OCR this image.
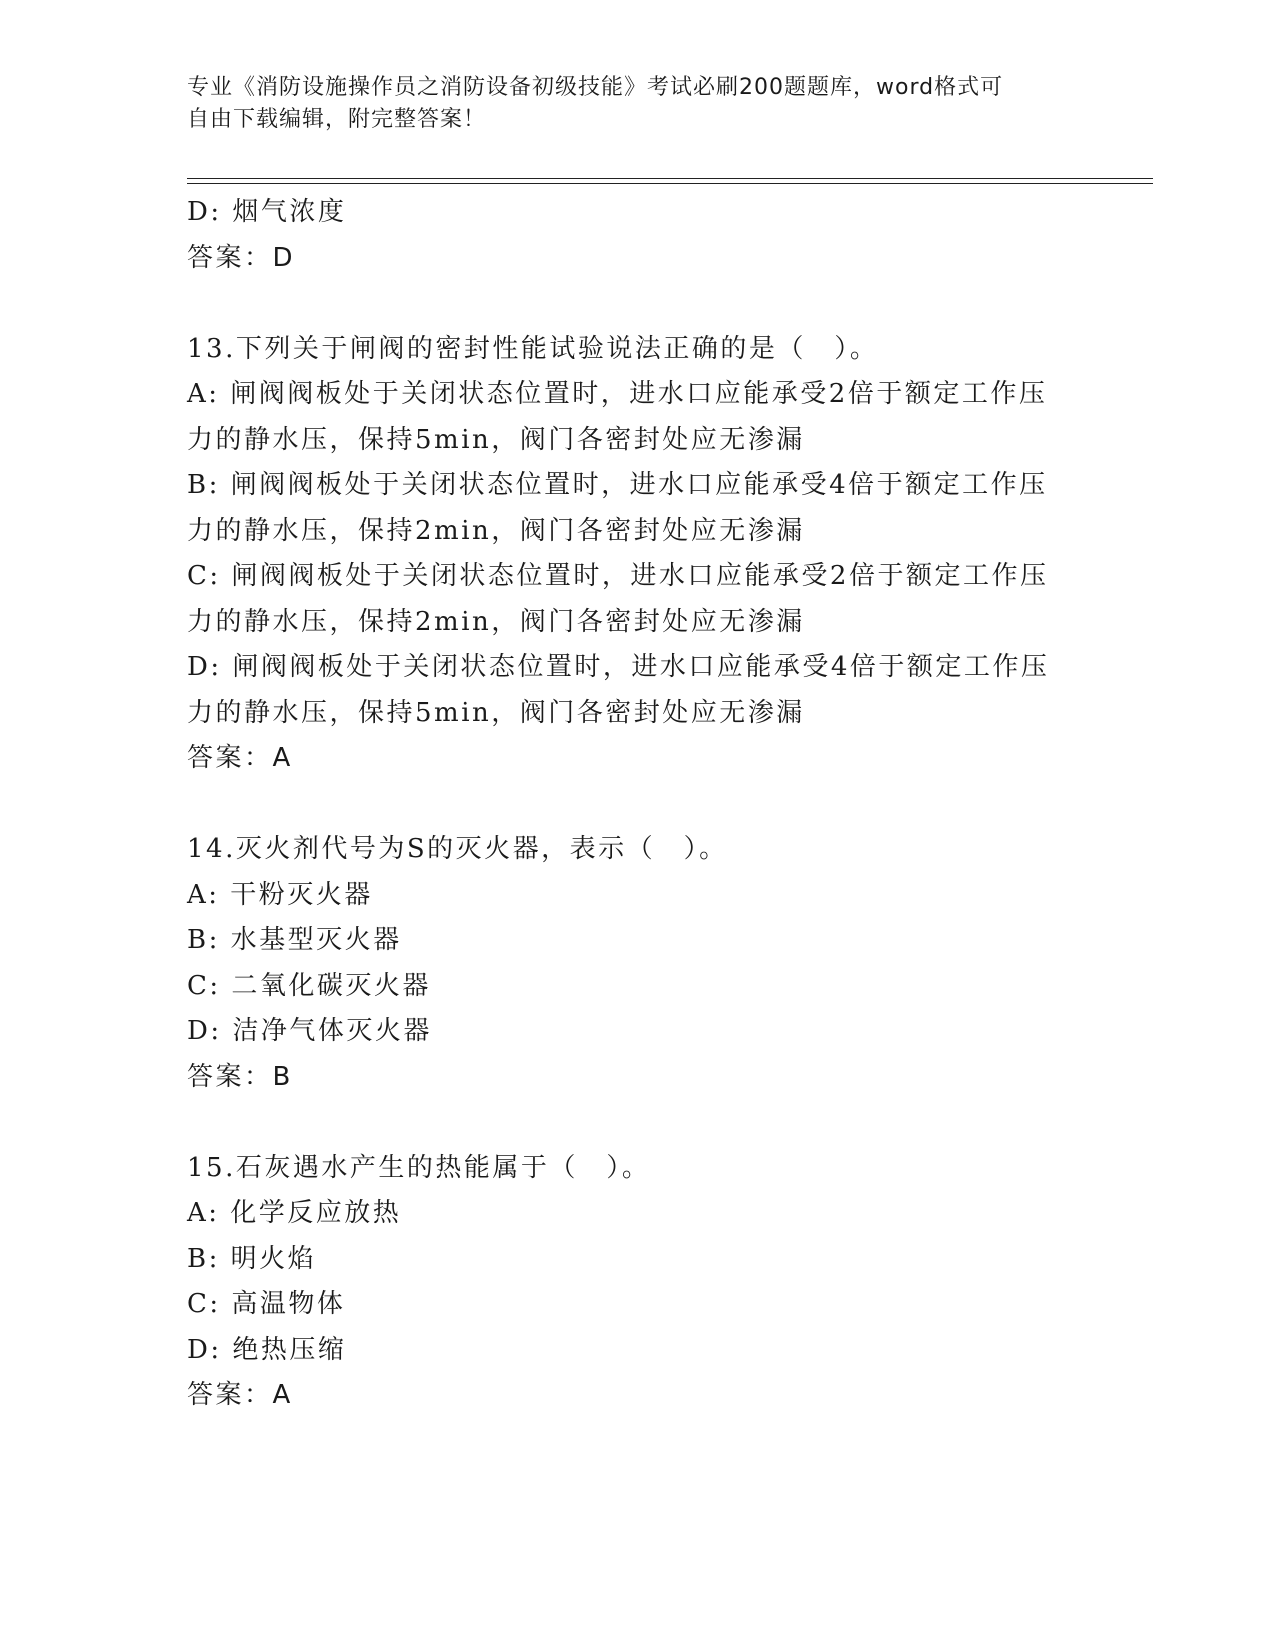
专业《消防设施操作员之消防设备初级技能》考试必刷200题题库，word格式可
自由下载编辑，附完整答案！
D: 烟气浓度
答案：D
13.下列关于闸阀的密封性能试验说法正确的是（　）。
A: 闸阀阀板处于关闭状态位置时，进水口应能承受2倍于额定工作压
力的静水压，保持5min，阀门各密封处应无渗漏
B: 闸阀阀板处于关闭状态位置时，进水口应能承受4倍于额定工作压
力的静水压，保持2min，阀门各密封处应无渗漏
C: 闸阀阀板处于关闭状态位置时，进水口应能承受2倍于额定工作压
力的静水压，保持2min，阀门各密封处应无渗漏
D: 闸阀阀板处于关闭状态位置时，进水口应能承受4倍于额定工作压
力的静水压，保持5min，阀门各密封处应无渗漏
答案：A
14.灭火剂代号为S的灭火器，表示（　）。
A: 干粉灭火器
B: 水基型灭火器
C: 二氧化碳灭火器
D: 洁净气体灭火器
答案：B
15.石灰遇水产生的热能属于（　）。
A: 化学反应放热
B: 明火焰
C: 高温物体
D: 绝热压缩
答案：A
